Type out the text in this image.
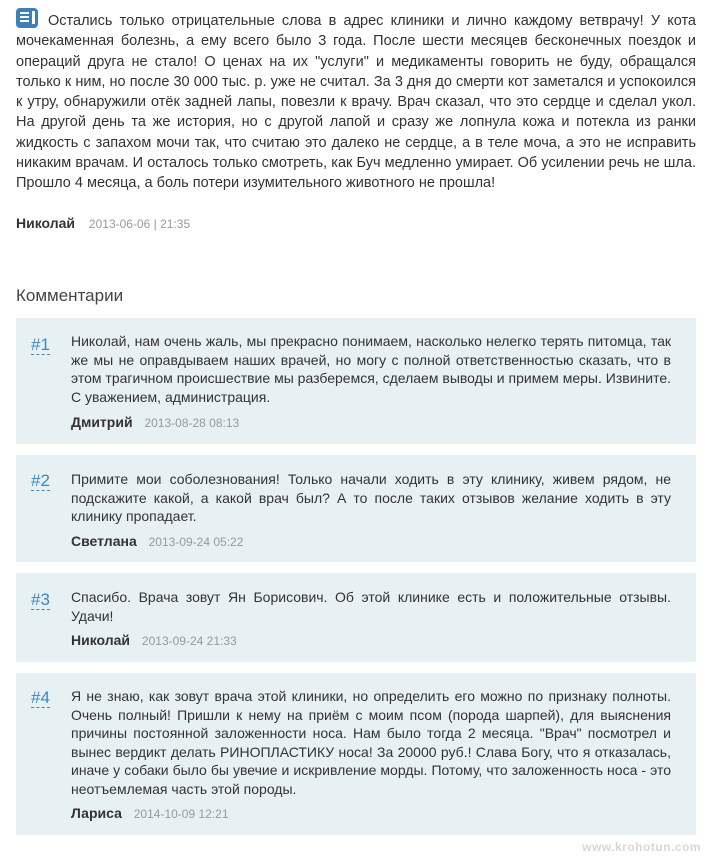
Остались только отрицательные слова в адрес клиники и лично каждому ветврачу! У кота мочекаменная болезнь, а ему всего было 3 года. После шести месяцев бесконечных поездок и операций друга не стало! О ценах на их "услуги" и медикаменты говорить не буду, обращался только к ним, но после 30 000 тыс. р. уже не считал. За 3 дня до смерти кот заметался и успокоился к утру, обнаружили отёк задней лапы, повезли к врачу. Врач сказал, что это сердце и сделал укол. На другой день та же история, но с другой лапой и сразу же лопнула кожа и потекла из ранки жидкость с запахом мочи так, что считаю это далеко не сердце, а в теле моча, а это не исправить никаким врачам. И осталось только смотреть, как Буч медленно умирает. Об усилении речь не шла. Прошло 4 месяца, а боль потери изумительного животного не прошла!
Николай 2013-06-06 | 21:35
Комментарии
#1 Николай, нам очень жаль, мы прекрасно понимаем, насколько нелегко терять питомца, так же мы не оправдываем наших врачей, но могу с полной ответственностью сказать, что в этом трагичном происшествие мы разберемся, сделаем выводы и примем меры. Извините. С уважением, администрация.
Дмитрий 2013-08-28 08:13
#2 Примите мои соболезнования! Только начали ходить в эту клинику, живем рядом, не подскажите какой, а какой врач был? А то после таких отзывов желание ходить в эту клинику пропадает.
Светлана 2013-09-24 05:22
#3 Спасибо. Врача зовут Ян Борисович. Об этой клинике есть и положительные отзывы. Удачи!
Николай 2013-09-24 21:33
#4 Я не знаю, как зовут врача этой клиники, но определить его можно по признаку полноты. Очень полный! Пришли к нему на приём с моим псом (порода шарпей), для выяснения причины постоянной заложенности носа. Нам было тогда 2 месяца. "Врач" посмотрел и вынес вердикт делать РИНОПЛАСТИКУ носа! За 20000 руб.! Слава Богу, что я отказалась, иначе у собаки было бы увечие и искривление морды. Потому, что заложенность носа - это неотъемлемая часть этой породы.
Лариса 2014-10-09 12:21
www.krohotun.com
